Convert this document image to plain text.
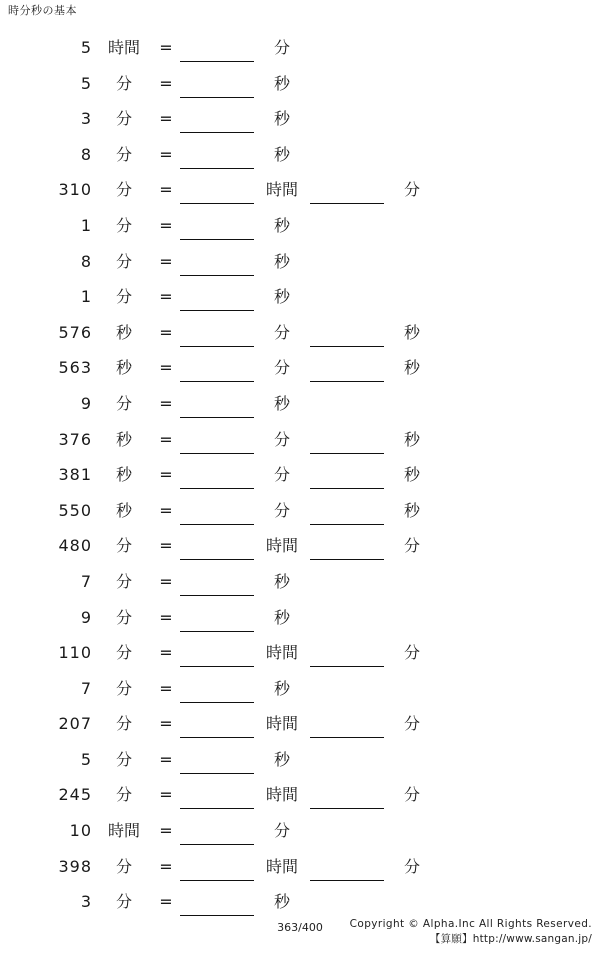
時分秒の基本
5 時間	=	分
5	分	=	秒
3	分	=	秒
8	分	=	秒
310	分	=	時間	分
1	分	=	秒
8	分	=	秒
1	分	=	秒
576	秒	=	分	秒
563	秒	=	分	秒
9	分	=	秒
376	秒	=	分	秒
381	秒	=	分	秒
550	秒	=	分	秒
480	分	=	時間	分
7	分	=	秒
9	分	=	秒
110	分	=	時間	分
7	分	=	秒
207	分	=	時間	分
5	分	=	秒
245	分	=	時間	分
10 時間	=	分
398	分	=	時間	分
3	分	=	秒
363/400	Copyright © Alpha.Inc All Rights Reserved.
【算願】http://www.sangan.jp/
